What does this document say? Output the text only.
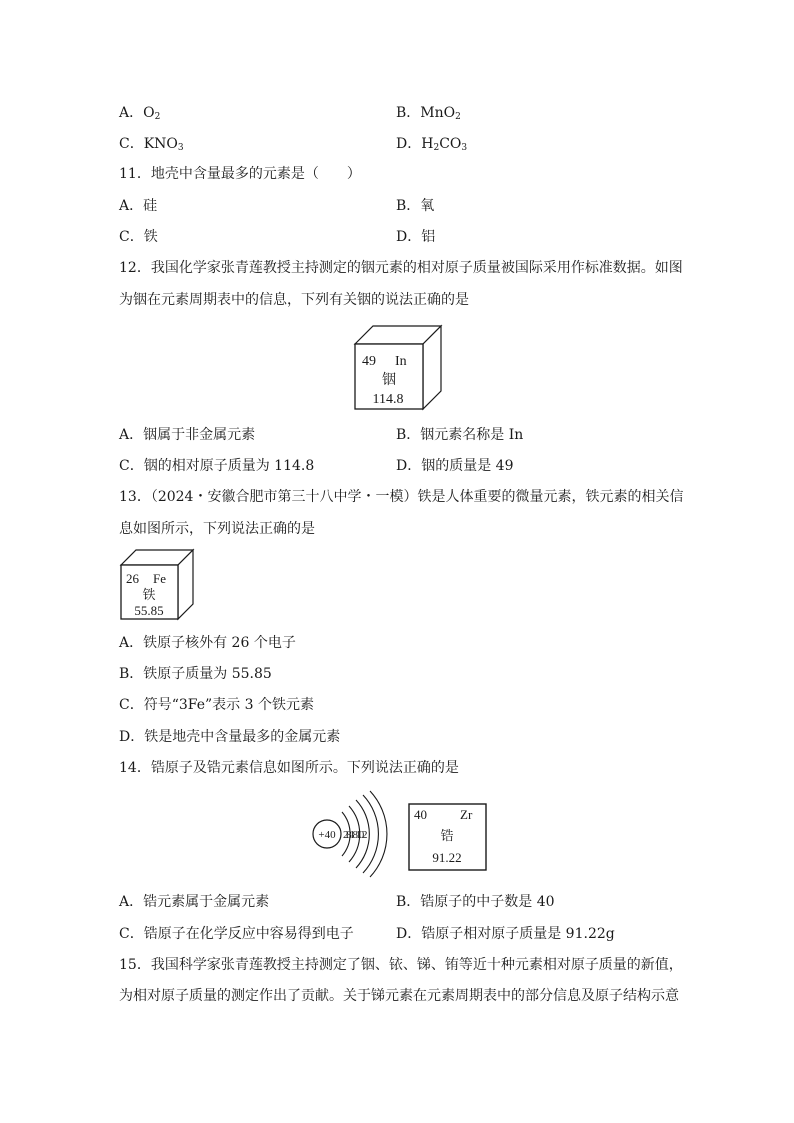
A．$O_2$	B．MnO$_2$
C．$KNO_3$	D．$H_2CO_3$
11．地壳中含量最多的元素是（　　）
A．硅	B．氧
C．铁	D．铝
12．我国化学家张青莲教授主持测定的铟元素的相对原子质量被国际采用作标准数据。如图
为铟在元素周期表中的信息，下列有关铟的说法正确的是
49 In
铟
114.8
A．铟属于非金属元素	B．铟元素名称是 In
C．铟的相对原子质量为 114.8	D．铟的质量是 49
13．（2024・安徽合肥市第三十八中学・一模）铁是人体重要的微量元素，铁元素的相关信
息如图所示，下列说法正确的是
26 Fe
铁
55.85
A．铁原子核外有 26 个电子
B．铁原子质量为 55.85
C．符号“3Fe”表示 3 个铁元素
D．铁是地壳中含量最多的金属元素
14．锆原子及锆元素信息如图所示。下列说法正确的是
+40 2 8 18 10 2
40	Zr
锆
91.22
A．锆元素属于金属元素	B．锆原子的中子数是 40
C．锆原子在化学反应中容易得到电子	D．锆原子相对原子质量是 91.22g
15．我国科学家张青莲教授主持测定了铟、铱、锑、铕等近十种元素相对原子质量的新值，
为相对原子质量的测定作出了贡献。关于锑元素在元素周期表中的部分信息及原子结构示意
